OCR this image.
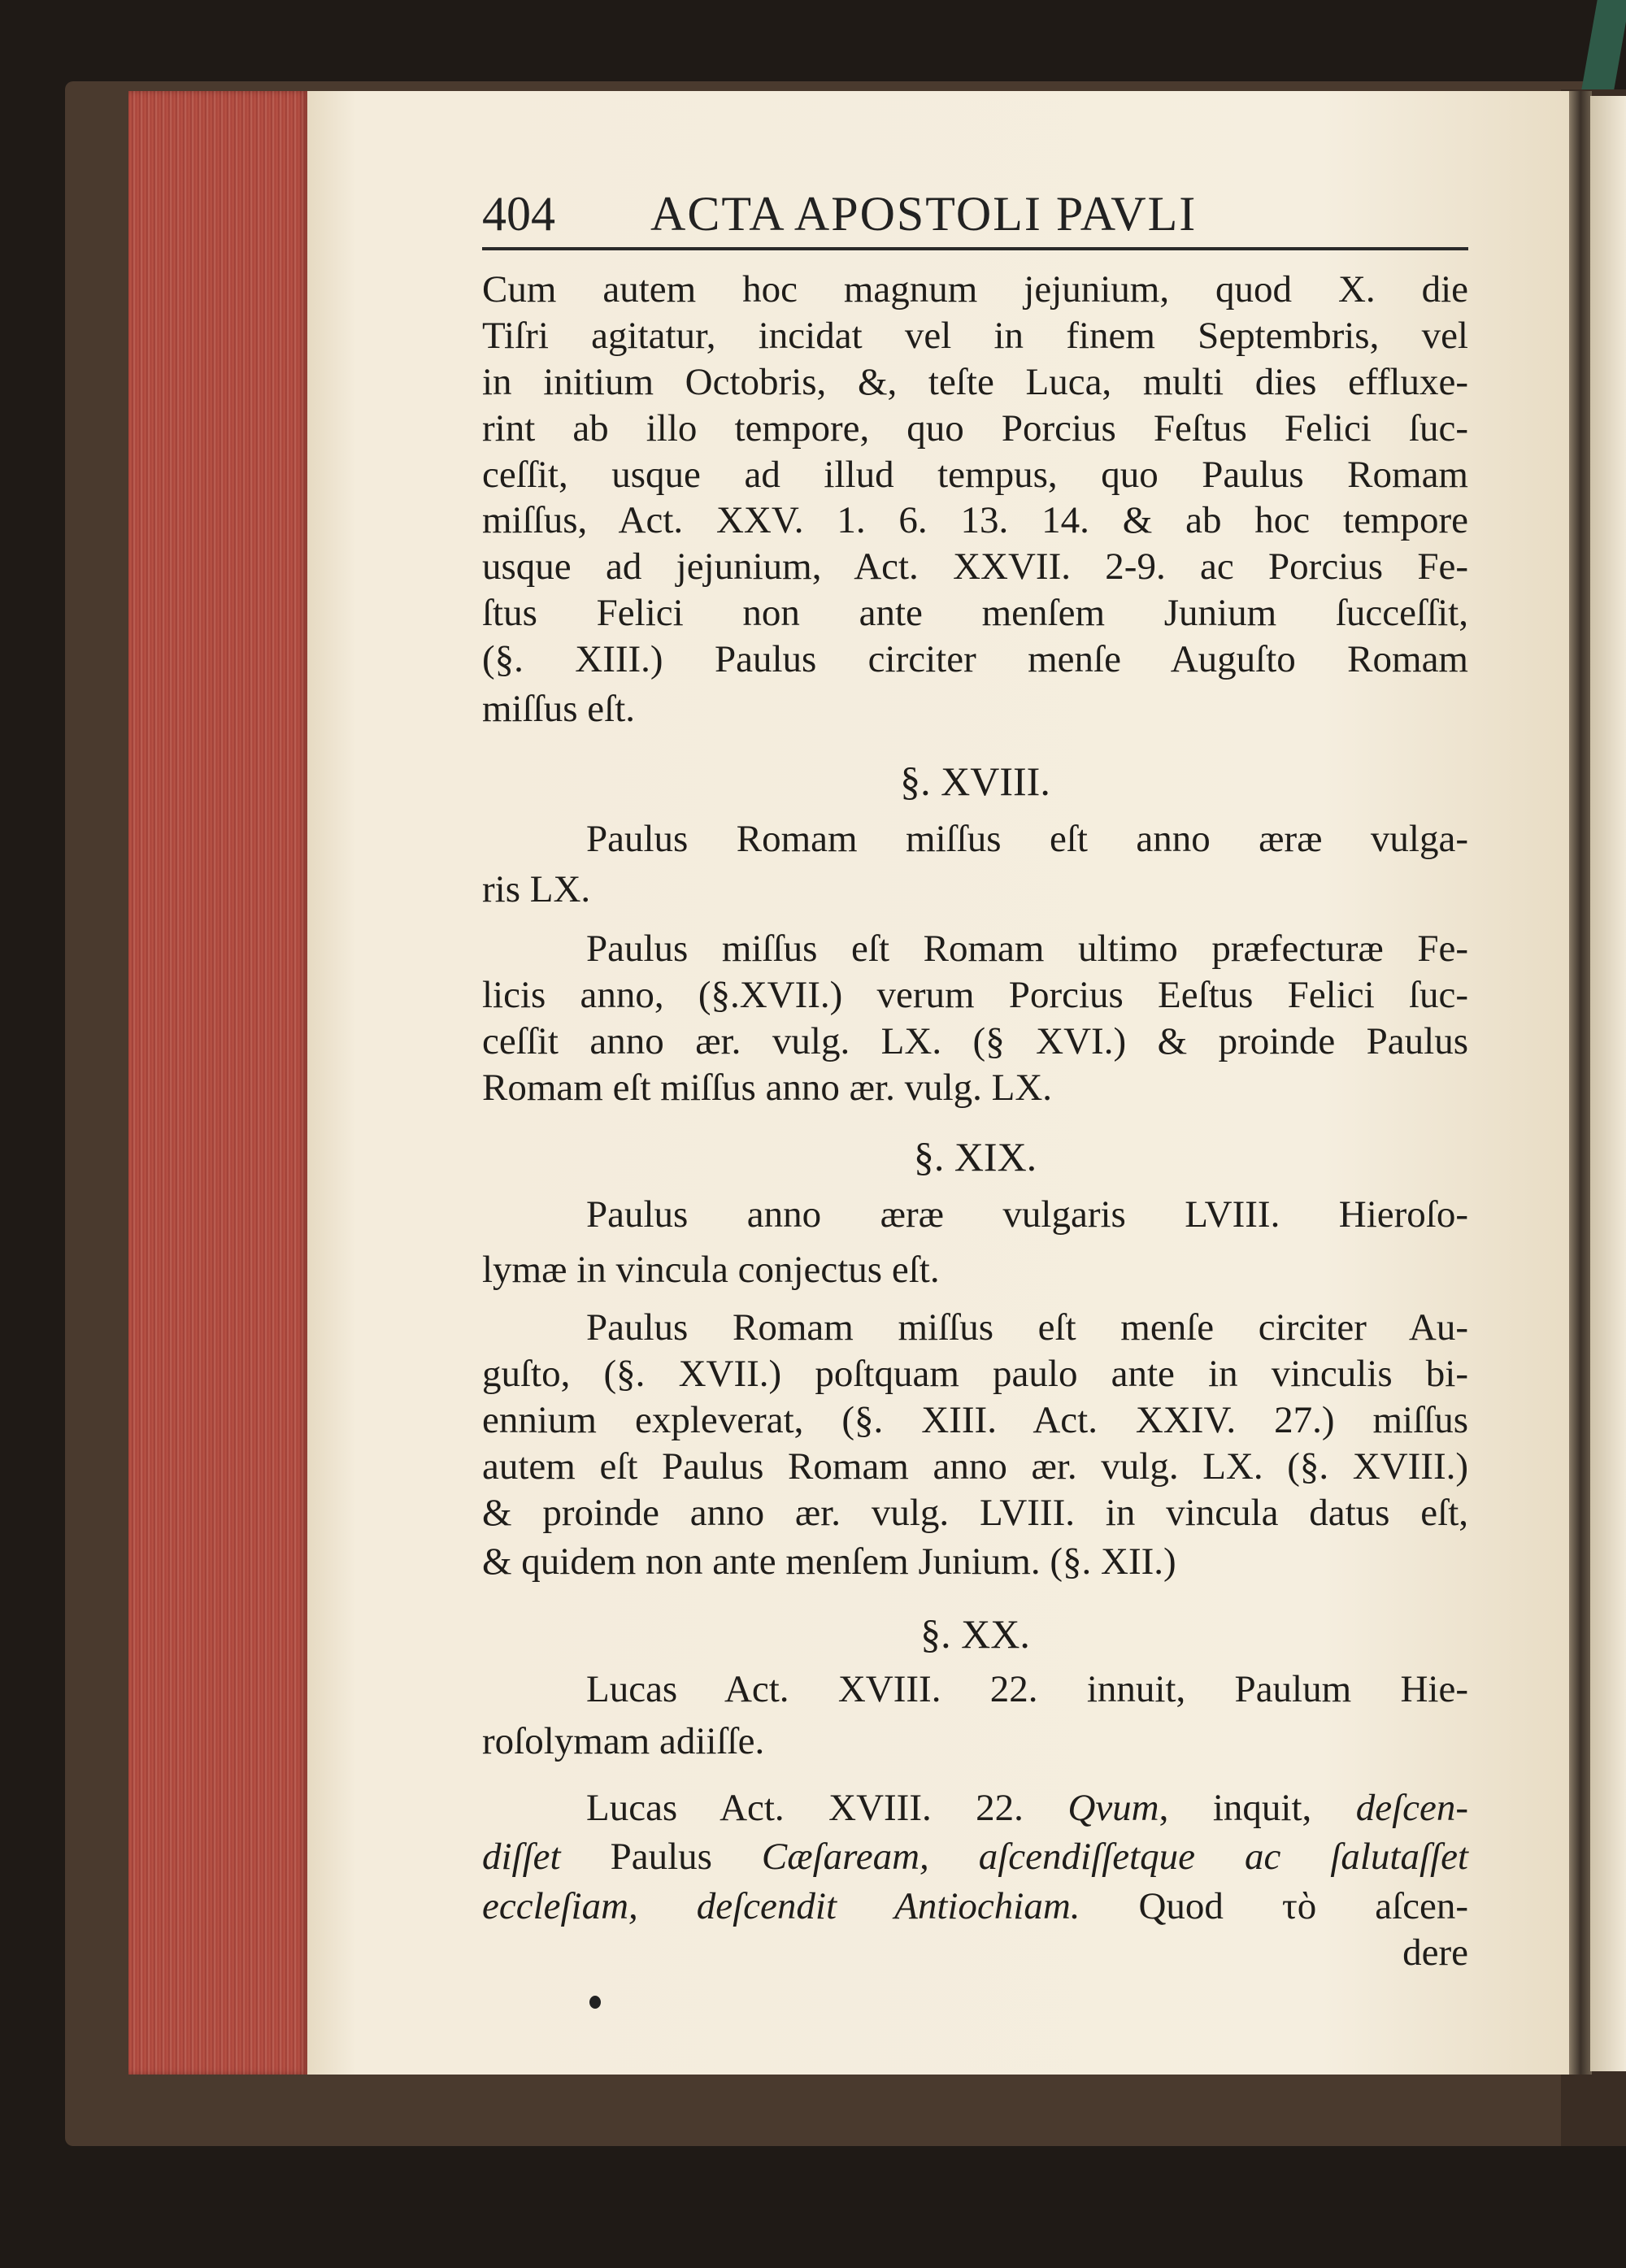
404 ACTA APOSTOLI PAVLI
Cum autem hoc magnum jejunium, quod X. die
Tiſri agitatur, incidat vel in finem Septembris, vel
in initium Octobris, &, teſte Luca, multi dies effluxe-
rint ab illo tempore, quo Porcius Feſtus Felici ſuc-
ceſſit, usque ad illud tempus, quo Paulus Romam
miſſus, Act. XXV. 1. 6. 13. 14. & ab hoc tempore
usque ad jejunium, Act. XXVII. 2-9. ac Porcius Fe-
ſtus Felici non ante menſem Junium ſucceſſit,
(§. XIII.) Paulus circiter menſe Auguſto Romam
miſſus eſt.
§. XVIII.
Paulus Romam miſſus eſt anno æræ vulga-
ris LX.
Paulus miſſus eſt Romam ultimo præfecturæ Fe-
licis anno, (§.XVII.) verum Porcius Eeſtus Felici ſuc-
ceſſit anno ær. vulg. LX. (§ XVI.) & proinde Paulus
Romam eſt miſſus anno ær. vulg. LX.
§. XIX.
Paulus anno æræ vulgaris LVIII. Hieroſo-
lymæ in vincula conjectus eſt.
Paulus Romam miſſus eſt menſe circiter Au-
guſto, (§. XVII.) poſtquam paulo ante in vinculis bi-
ennium expleverat, (§. XIII. Act. XXIV. 27.) miſſus
autem eſt Paulus Romam anno ær. vulg. LX. (§. XVIII.)
& proinde anno ær. vulg. LVIII. in vincula datus eſt,
& quidem non ante menſem Junium. (§. XII.)
§. XX.
Lucas Act. XVIII. 22. innuit, Paulum Hie-
roſolymam adiiſſe.
Lucas Act. XVIII. 22. Qvum, inquit, deſcen-
diſſet Paulus Cæſaream, aſcendiſſetque ac ſalutaſſet
eccleſiam, deſcendit Antiochiam. Quod τὸ aſcen-
dere
